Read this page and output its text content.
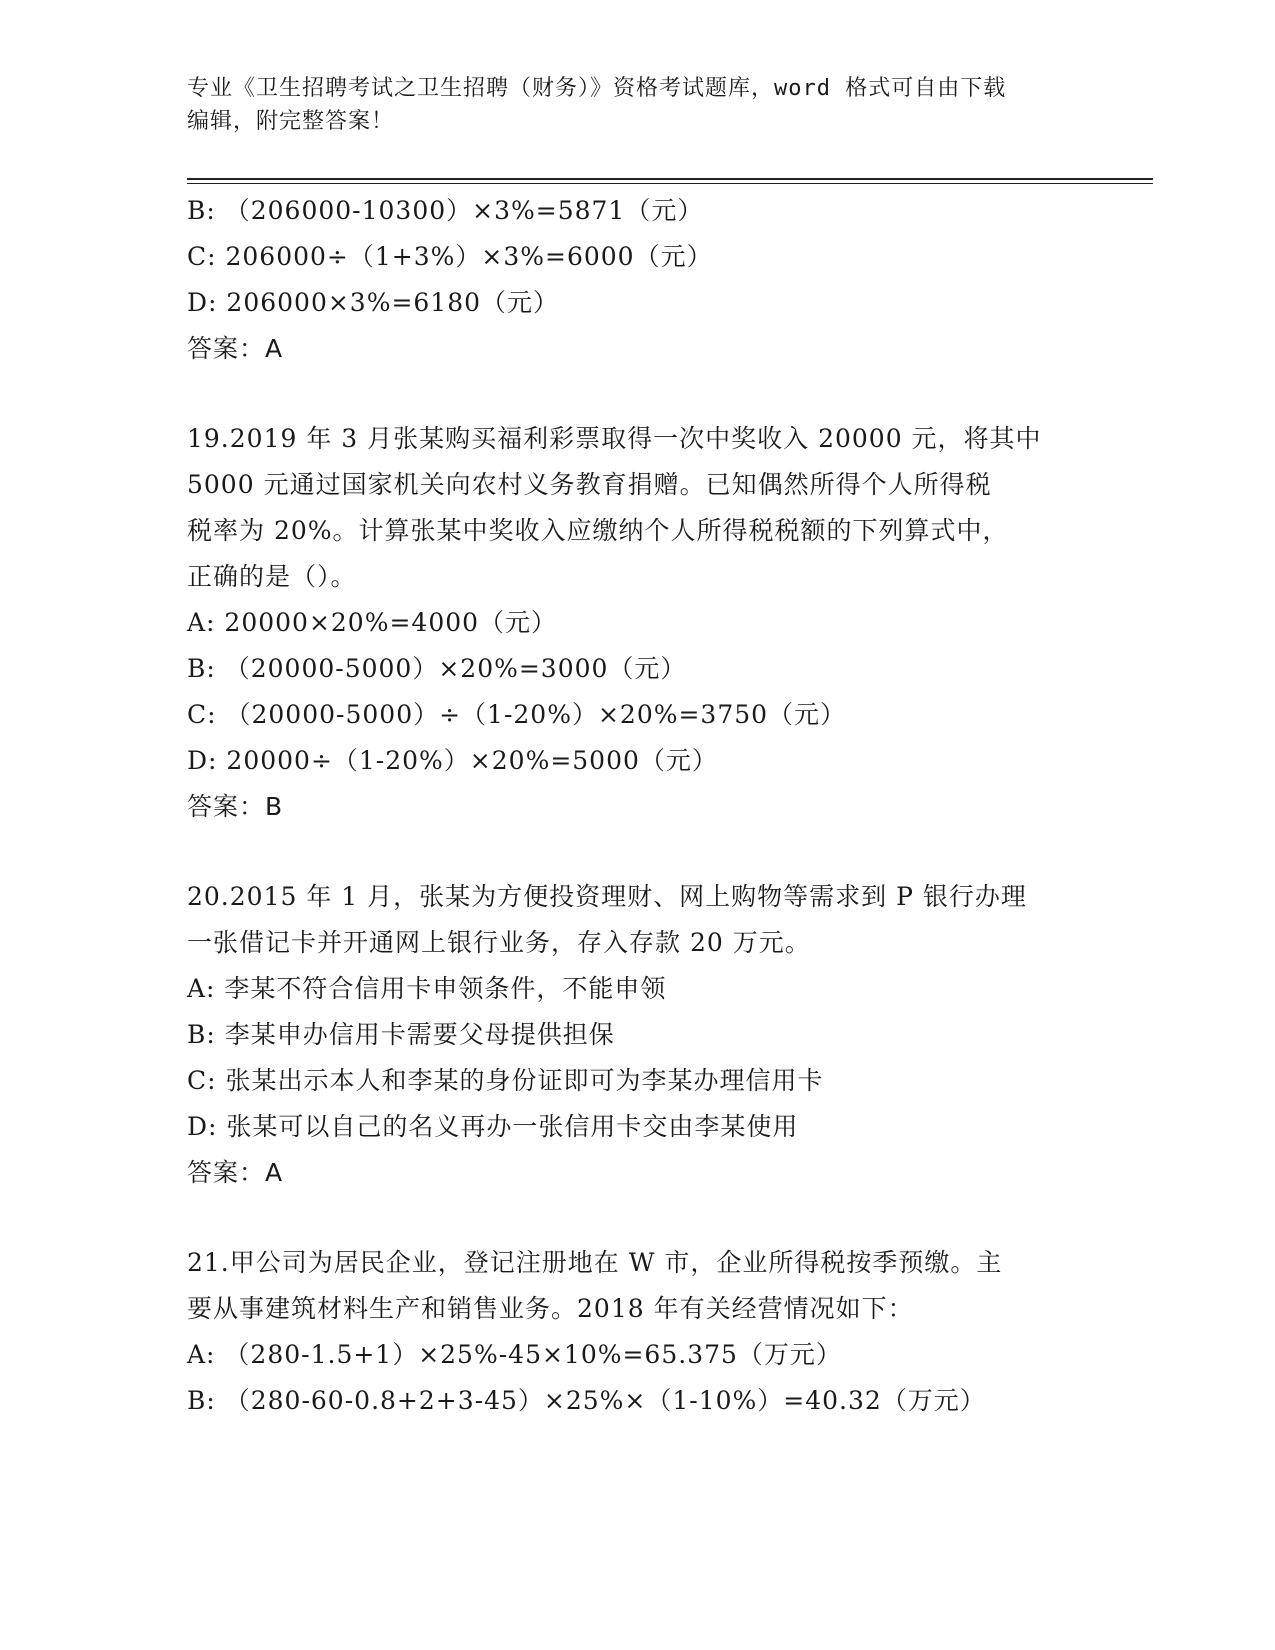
专业《卫生招聘考试之卫生招聘（财务）》资格考试题库，word 格式可自由下载
编辑，附完整答案！
B: （206000-10300）×3%=5871（元）
C: 206000÷（1+3%）×3%=6000（元）
D: 206000×3%=6180（元）
答案：A
19.2019 年 3 月张某购买福利彩票取得一次中奖收入 20000 元，将其中
5000 元通过国家机关向农村义务教育捐赠。已知偶然所得个人所得税
税率为 20%。计算张某中奖收入应缴纳个人所得税税额的下列算式中，
正确的是（）。
A: 20000×20%=4000（元）
B: （20000-5000）×20%=3000（元）
C: （20000-5000）÷（1-20%）×20%=3750（元）
D: 20000÷（1-20%）×20%=5000（元）
答案：B
20.2015 年 1 月，张某为方便投资理财、网上购物等需求到 P 银行办理
一张借记卡并开通网上银行业务，存入存款 20 万元。
A: 李某不符合信用卡申领条件，不能申领
B: 李某申办信用卡需要父母提供担保
C: 张某出示本人和李某的身份证即可为李某办理信用卡
D: 张某可以自己的名义再办一张信用卡交由李某使用
答案：A
21.甲公司为居民企业，登记注册地在 W 市，企业所得税按季预缴。主
要从事建筑材料生产和销售业务。2018 年有关经营情况如下：
A: （280-1.5+1）×25%-45×10%=65.375（万元）
B: （280-60-0.8+2+3-45）×25%×（1-10%）=40.32（万元）
